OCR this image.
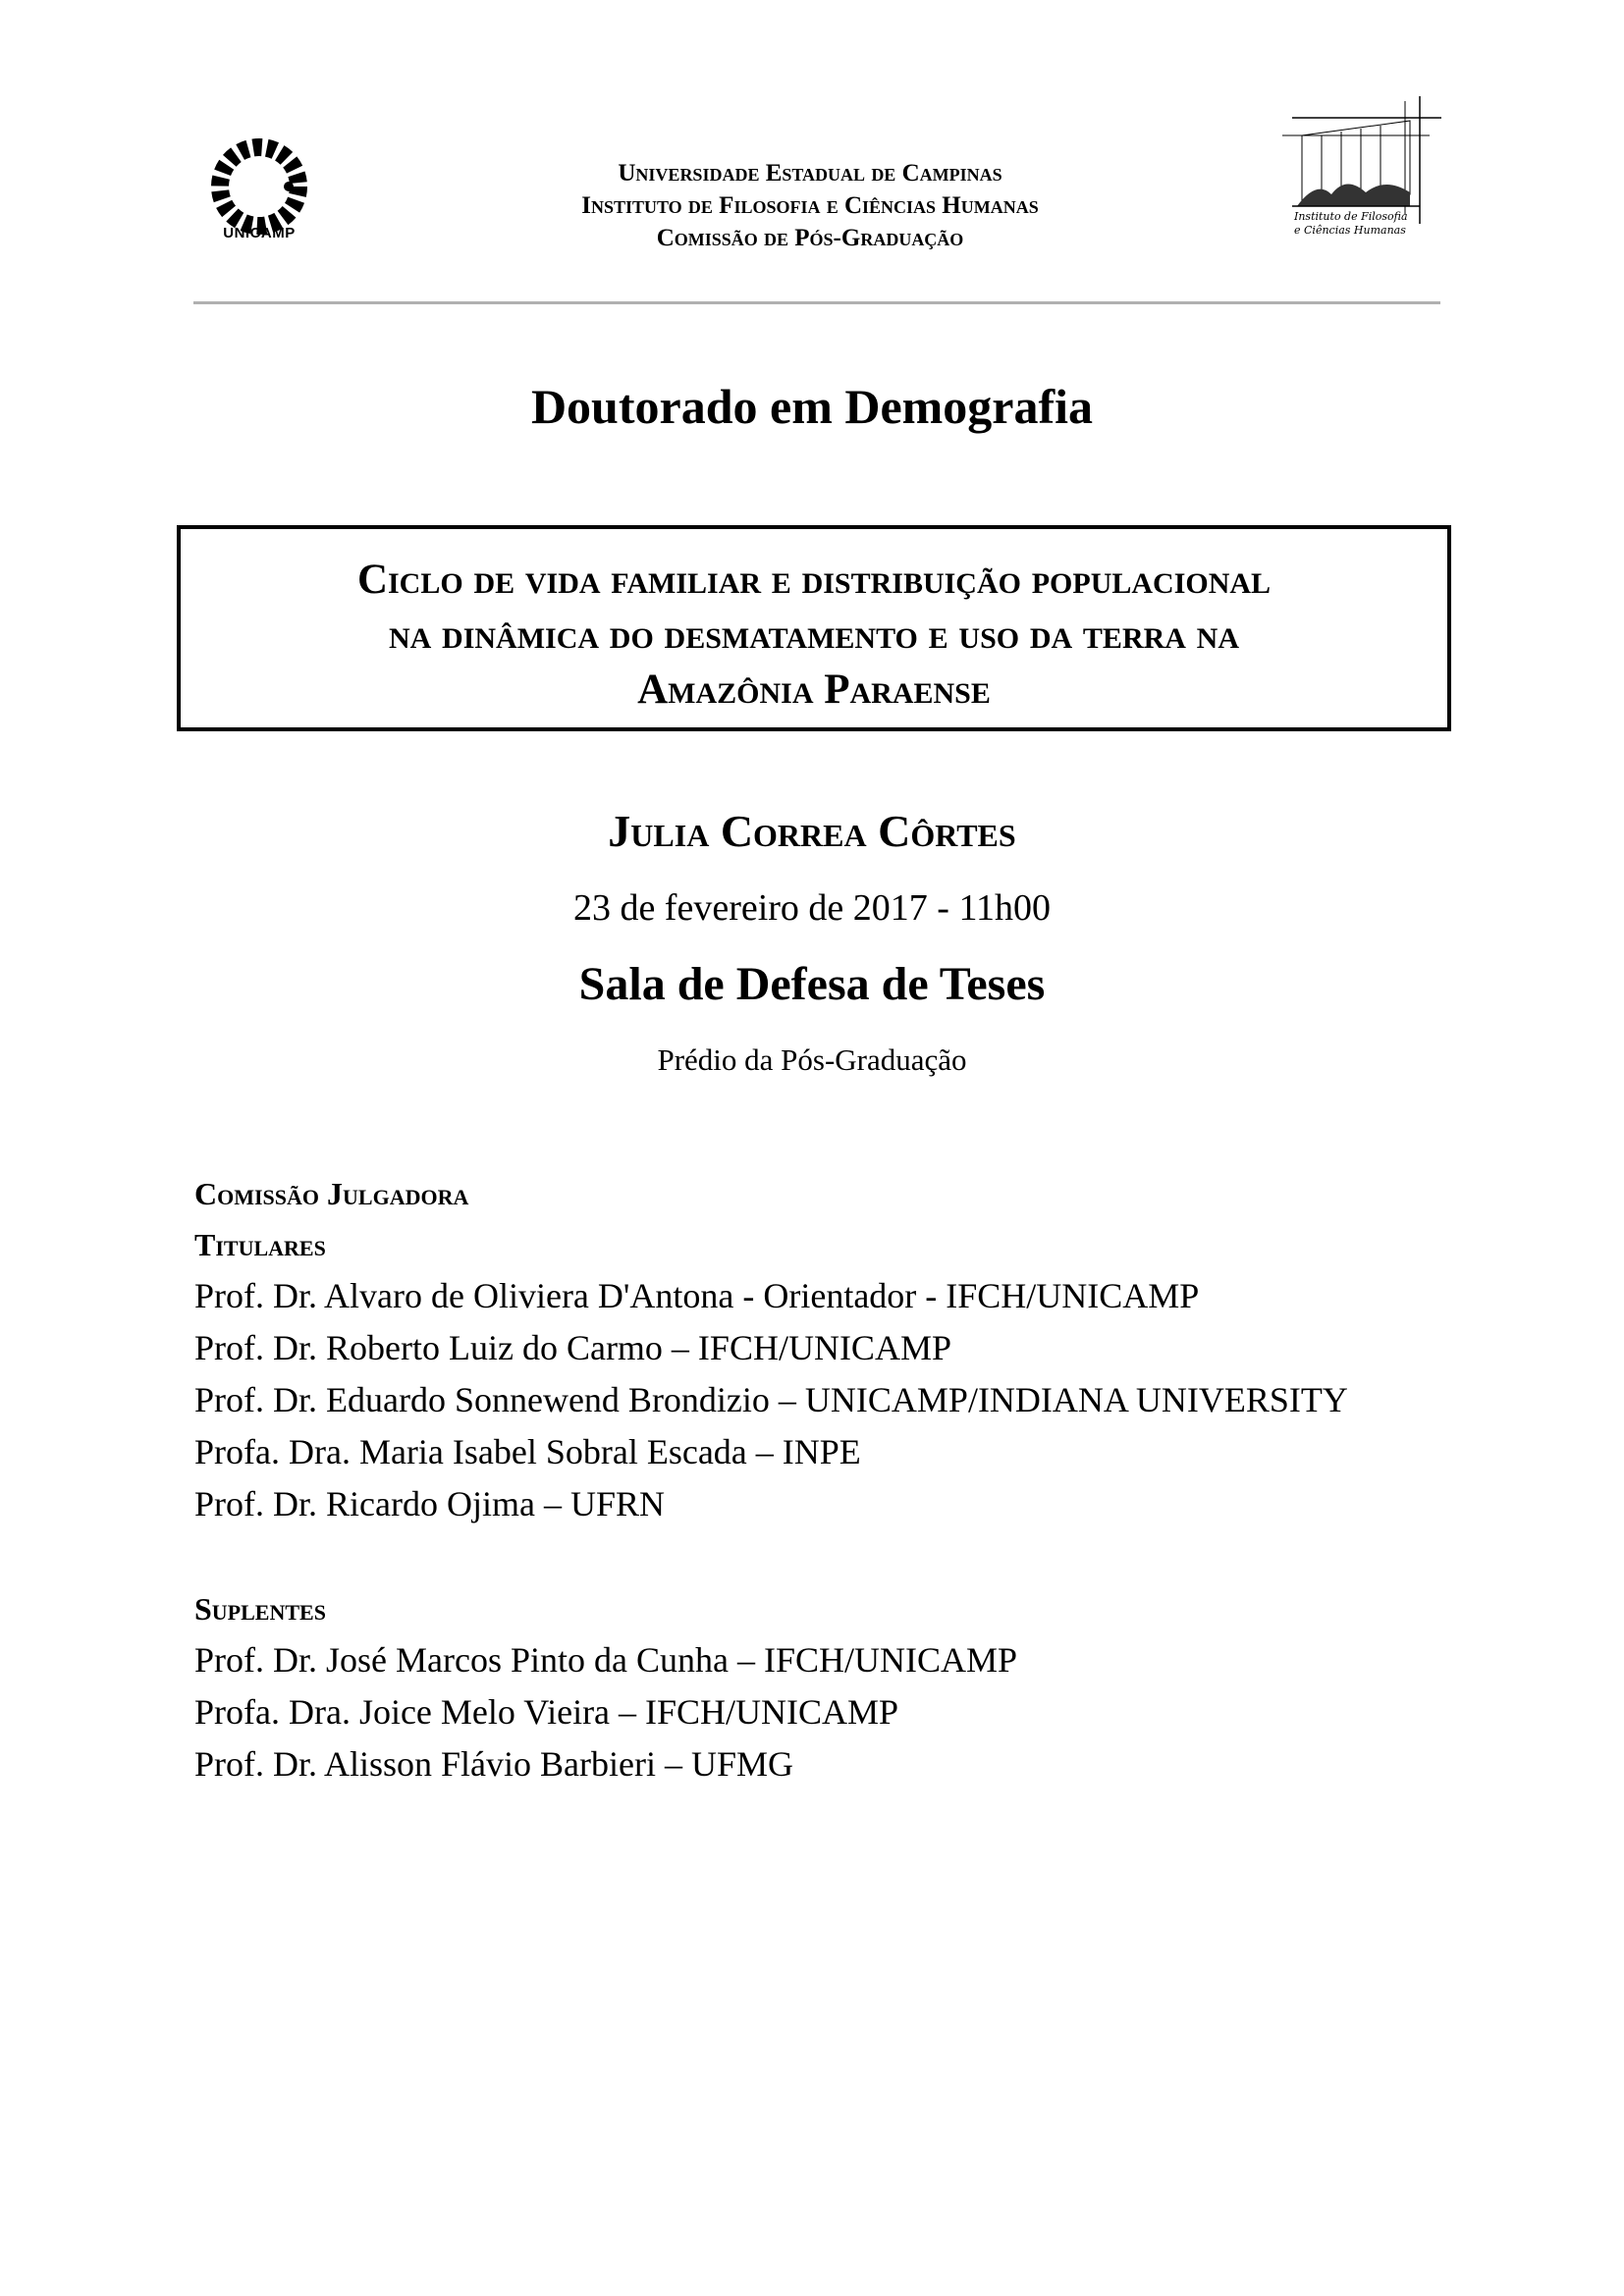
UNICAMP
Universidade Estadual de Campinas
Instituto de Filosofia e Ciências Humanas
Comissão de Pós-Graduação
Instituto de Filosofia
e Ciências Humanas
Doutorado em Demografia
Ciclo de vida familiar e distribuição populacional
na dinâmica do desmatamento e uso da terra na
Amazônia Paraense
Julia Correa Côrtes
23 de fevereiro de 2017 - 11h00
Sala de Defesa de Teses
Prédio da Pós-Graduação
Comissão Julgadora
Titulares
Prof. Dr. Alvaro de Oliviera D'Antona - Orientador - IFCH/UNICAMP
Prof. Dr. Roberto Luiz do Carmo – IFCH/UNICAMP
Prof. Dr. Eduardo Sonnewend Brondizio – UNICAMP/INDIANA UNIVERSITY
Profa. Dra. Maria Isabel Sobral Escada – INPE
Prof. Dr. Ricardo Ojima – UFRN
Suplentes
Prof. Dr. José Marcos Pinto da Cunha – IFCH/UNICAMP
Profa. Dra. Joice Melo Vieira – IFCH/UNICAMP
Prof. Dr. Alisson Flávio Barbieri – UFMG
